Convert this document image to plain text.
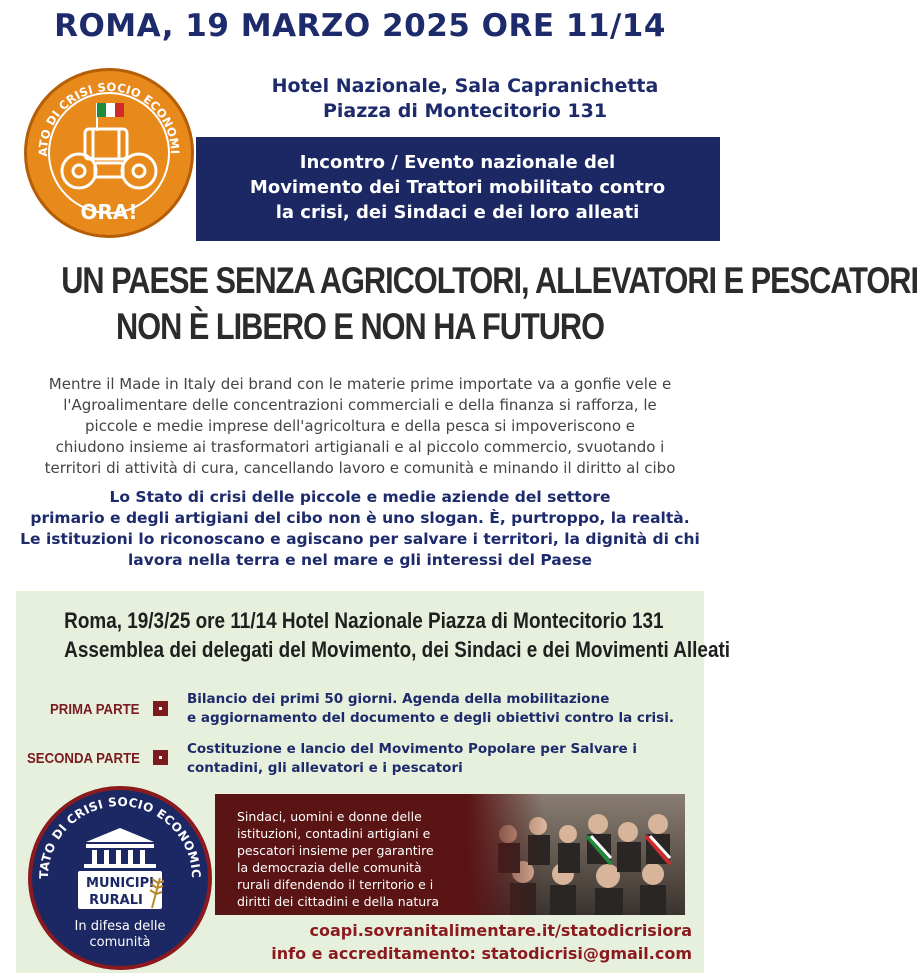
ROMA, 19 MARZO 2025 ORE 11/14
Hotel Nazionale, Sala Capranichetta
Piazza di Montecitorio 131
Incontro / Evento nazionale del
Movimento dei Trattori mobilitato contro
la crisi, dei Sindaci e dei loro alleati
ATO DI CRISI SOCIO ECONOMI
ORA!
UN PAESE SENZA AGRICOLTORI, ALLEVATORI E PESCATORI
NON È LIBERO E NON HA FUTURO
Mentre il Made in Italy dei brand con le materie prime importate va a gonfie vele e
l'Agroalimentare delle concentrazioni commerciali e della finanza si rafforza, le
piccole e medie imprese dell'agricoltura e della pesca si impoveriscono e
chiudono insieme ai trasformatori artigianali e al piccolo commercio, svuotando i
territori di attività di cura, cancellando lavoro e comunità e minando il diritto al cibo
Lo Stato di crisi delle piccole e medie aziende del settore
primario e degli artigiani del cibo non è uno slogan. È, purtroppo, la realtà.
Le istituzioni lo riconoscano e agiscano per salvare i territori, la dignità di chi
lavora nella terra e nel mare e gli interessi del Paese
Roma, 19/3/25 ore 11/14 Hotel Nazionale Piazza di Montecitorio 131
Assemblea dei delegati del Movimento, dei Sindaci e dei Movimenti Alleati
PRIMA PARTE
Bilancio dei primi 50 giorni. Agenda della mobilitazione
e aggiornamento del documento e degli obiettivi contro la crisi.
SECONDA PARTE
Costituzione e lancio del Movimento Popolare per Salvare i
contadini, gli allevatori e i pescatori
Sindaci, uomini e donne delle
istituzioni, contadini artigiani e
pescatori insieme per garantire
la democrazia delle comunità
rurali difendendo il territorio e i
diritti dei cittadini e della natura
TATO DI CRISI SOCIO ECONOMIC
MUNICIPI
RURALI
In difesa delle
comunità
coapi.sovranitalimentare.it/statodicrisiora
info e accreditamento: statodicrisi@gmail.com
